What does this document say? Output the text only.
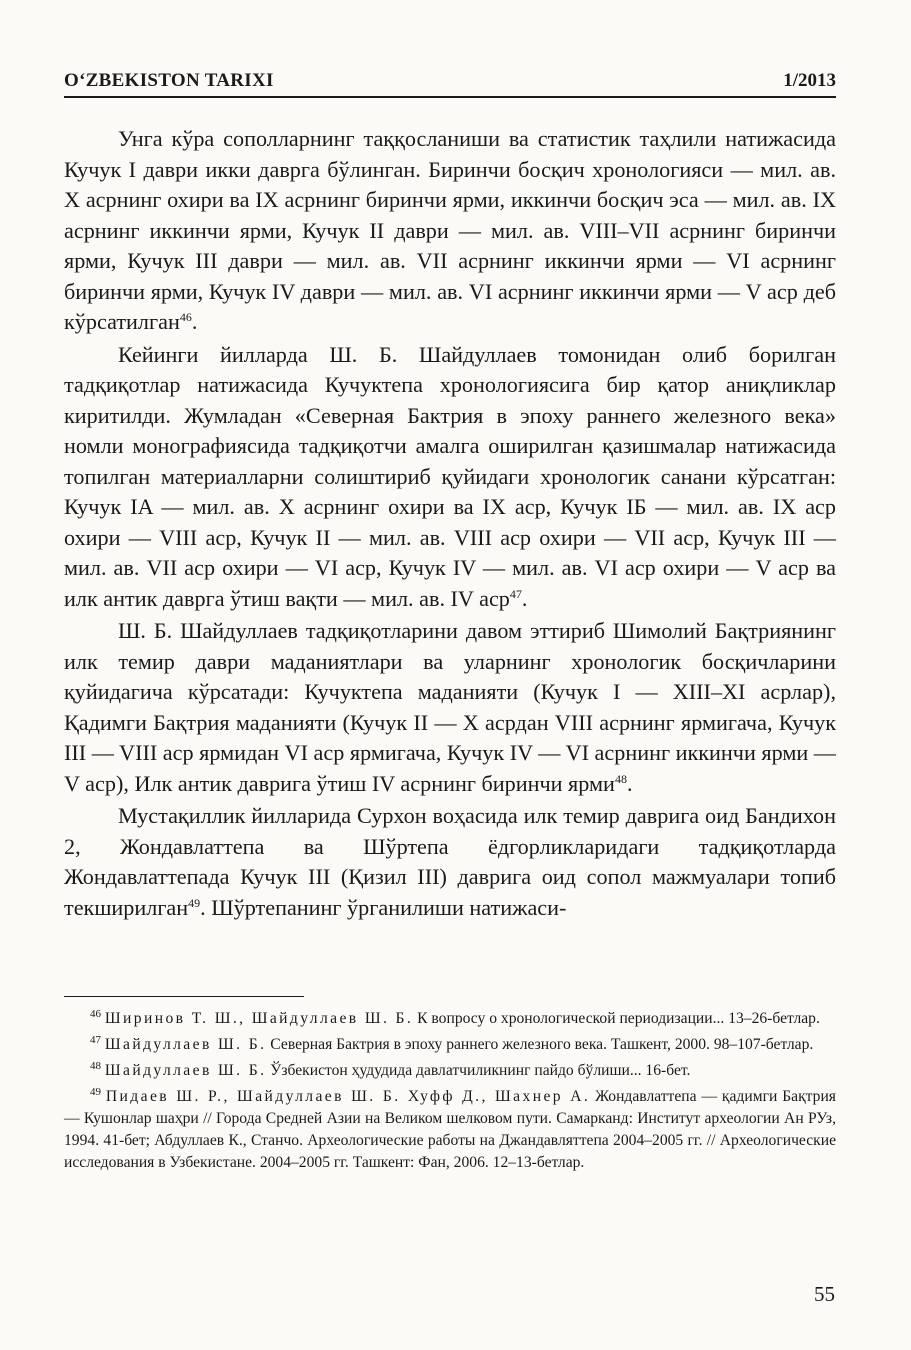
O‘ZBEKISTON TARIXI	1/2013

Унга кўра сополларнинг таққосланиши ва статистик таҳлили натижасида Кучук I даври икки даврга бўлинган. Биринчи босқич хронологияси — мил. ав. X асрнинг охири ва IX асрнинг биринчи ярми, иккинчи босқич эса — мил. ав. IX асрнинг иккинчи ярми, Кучук II даври — мил. ав. VIII–VII асрнинг биринчи ярми, Кучук III даври — мил. ав. VII асрнинг иккинчи ярми — VI асрнинг биринчи ярми, Кучук IV даври — мил. ав. VI асрнинг иккинчи ярми — V аср деб кўрсатилган$^{46}$.

Кейинги йилларда Ш. Б. Шайдуллаев томонидан олиб борилган тадқиқотлар натижасида Кучуктепа хронологиясига бир қатор аниқликлар киритилди. Жумладан «Северная Бактрия в эпоху раннего железного века» номли монографиясида тадқиқотчи амалга оширилган қазишмалар натижасида топилган материалларни солиштириб қуйидаги хронологик санани кўрсатган: Кучук IA — мил. ав. X асрнинг охири ва IX аср, Кучук IБ — мил. ав. IX аср охири — VIII аср, Кучук II — мил. ав. VIII аср охири — VII аср, Кучук III — мил. ав. VII аср охири — VI аср, Кучук IV — мил. ав. VI аср охири — V аср ва илк антик даврга ўтиш вақти — мил. ав. IV аср$^{47}$.

Ш. Б. Шайдуллаев тадқиқотларини давом эттириб Шимолий Бақтриянинг илк темир даври маданиятлари ва уларнинг хронологик босқичларини қуйидагича кўрсатади: Кучуктепа маданияти (Кучук I — XIII–XI асрлар), Қадимги Бақтрия маданияти (Кучук II — X асрдан VIII асрнинг ярмигача, Кучук III — VIII аср ярмидан VI аср ярмигача, Кучук IV — VI асрнинг иккинчи ярми — V аср), Илк антик даврига ўтиш IV асрнинг биринчи ярми$^{48}$.

Мустақиллик йилларида Сурхон воҳасида илк темир даврига оид Бандихон 2, Жондавлаттепа ва Шўртепа ёдгорликларидаги тадқиқотларда Жондавлаттепада Кучук III (Қизил III) даврига оид сопол мажмуалари топиб текширилган$^{49}$. Шўртепанинг ўрганилиши натижаси-

$^{46}$ Ширинов Т. Ш., Шайдуллаев Ш. Б. К вопросу о хронологической периодизации... 13–26-бетлар.

$^{47}$ Шайдуллаев Ш. Б. Северная Бактрия в эпоху раннего железного века. Ташкент, 2000. 98–107-бетлар.

$^{48}$ Шайдуллаев Ш. Б. Ўзбекистон ҳудудида давлатчиликнинг пайдо бўлиши... 16-бет.

$^{49}$ Пидаев Ш. Р., Шайдуллаев Ш. Б. Хуфф Д., Шахнер А. Жондавлаттепа — қадимги Бақтрия — Кушонлар шаҳри // Города Средней Азии на Великом шелковом пути. Самарканд: Институт археологии Ан РУз, 1994. 41-бет; Абдуллаев К., Станчо. Археологические работы на Джандавляттепа 2004–2005 гг. // Археологические исследования в Узбекистане. 2004–2005 гг. Ташкент: Фан, 2006. 12–13-бетлар.

55
